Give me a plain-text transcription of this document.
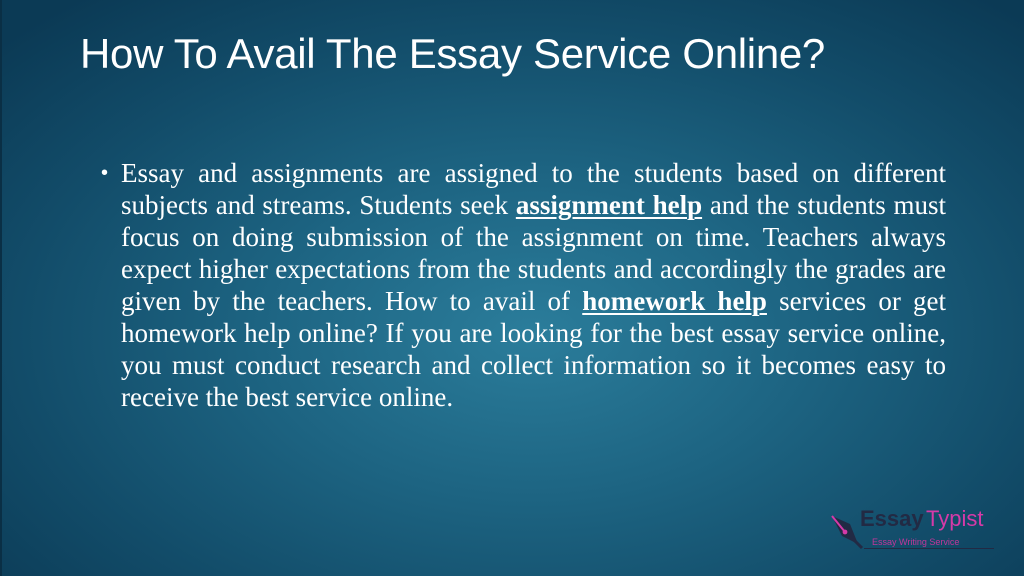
How To Avail The Essay Service Online?
• Essay and assignments are assigned to the students based on different subjects and streams. Students seek assignment help and the students must focus on doing submission of the assignment on time. Teachers always expect higher expectations from the students and accordingly the grades are given by the teachers. How to avail of homework help services or get homework help online? If you are looking for the best essay service online, you must conduct research and collect information so it becomes easy to receive the best service online.
Essay Typist
Essay Writing Service
